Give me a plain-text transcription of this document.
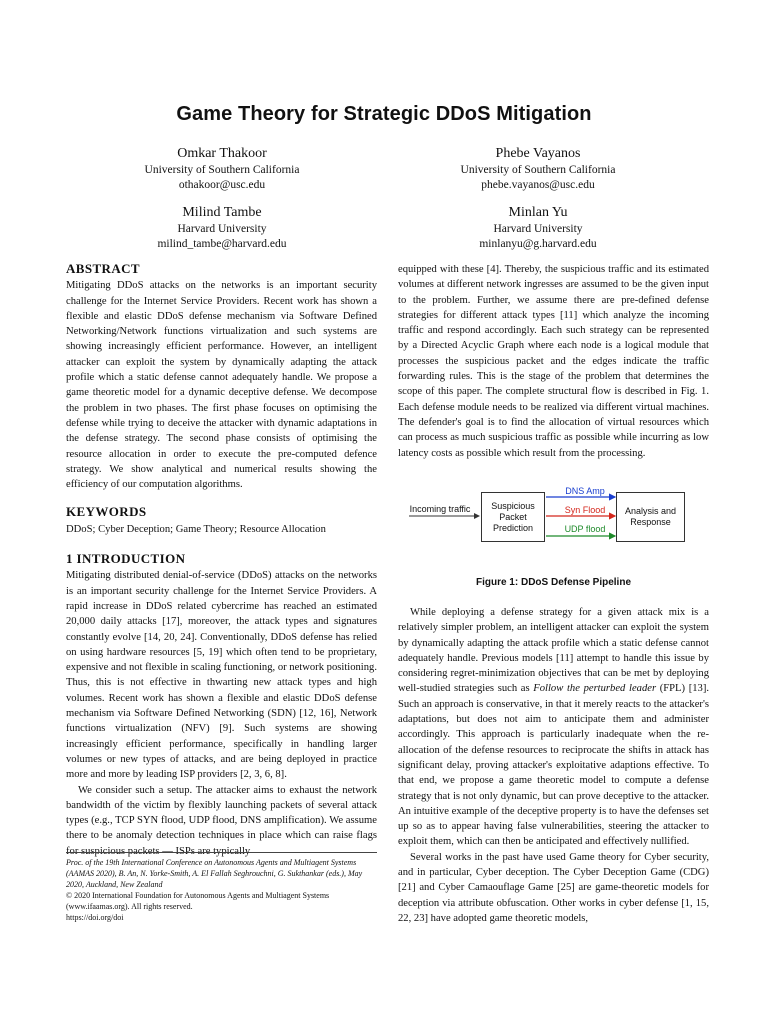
Game Theory for Strategic DDoS Mitigation
Omkar Thakoor
University of Southern California
othakoor@usc.edu
Phebe Vayanos
University of Southern California
phebe.vayanos@usc.edu
Milind Tambe
Harvard University
milind_tambe@harvard.edu
Minlan Yu
Harvard University
minlanyu@g.harvard.edu
ABSTRACT

Mitigating DDoS attacks on the networks is an important security challenge for the Internet Service Providers. Recent work has shown a flexible and elastic DDoS defense mechanism via Software Defined Networking/Network functions virtualization and such systems are showing increasingly efficient performance. However, an intelligent attacker can exploit the system by dynamically adapting the attack profile which a static defense cannot adequately handle. We propose a game theoretic model for a dynamic deceptive defense. We decompose the problem in two phases. The first phase focuses on optimising the defense while trying to deceive the attacker with dynamic adaptations in the defense strategy. The second phase consists of optimising the resource allocation in order to execute the pre-computed defence strategy. We show analytical and numerical results showing the efficiency of our computation algorithms.

KEYWORDS

DDoS; Cyber Deception; Game Theory; Resource Allocation

1 INTRODUCTION

Mitigating distributed denial-of-service (DDoS) attacks on the networks is an important security challenge for the Internet Service Providers. A rapid increase in DDoS related cybercrime has reached an estimated 20,000 daily attacks [17], moreover, the attack types and signatures constantly evolve [14, 20, 24]. Conventionally, DDoS defense has relied on using hardware resources [5, 19] which often tend to be proprietary, expensive and not flexible in scaling functioning, or network positioning. Thus, this is not effective in thwarting new attack types and high volumes. Recent work has shown a flexible and elastic DDoS defense mechanism via Software Defined Networking (SDN) [12, 16], Network functions virtualization (NFV) [9]. Such systems are showing increasingly efficient performance, specifically in handling larger volumes or new types of attacks, and are being deployed in practice more and more by leading ISP providers [2, 3, 6, 8].

We consider such a setup. The attacker aims to exhaust the network bandwidth of the victim by flexibly launching packets of several attack types (e.g., TCP SYN flood, UDP flood, DNS amplification). We assume there to be anomaly detection techniques in place which can raise flags for suspicious packets — ISPs are typically

Proc. of the 19th International Conference on Autonomous Agents and Multiagent Systems (AAMAS 2020), B. An, N. Yorke-Smith, A. El Fallah Seghrouchni, G. Sukthankar (eds.), May 2020, Auckland, New Zealand
© 2020 International Foundation for Autonomous Agents and Multiagent Systems (www.ifaamas.org). All rights reserved.
https://doi.org/doi

equipped with these [4]. Thereby, the suspicious traffic and its estimated volumes at different network ingresses are assumed to be the given input to the problem. Further, we assume there are pre-defined defense strategies for different attack types [11] which analyze the incoming traffic and respond accordingly. Each such strategy can be represented by a Directed Acyclic Graph where each node is a logical module that processes the suspicious packet and the edges indicate the traffic forwarding rules. This is the stage of the problem that determines the scope of this paper. The complete structural flow is described in Fig. 1. Each defense module needs to be realized via different virtual machines. The defender's goal is to find the allocation of virtual resources which can process as much suspicious traffic as possible while incurring as low latency costs as possible which result from the processing.

Incoming traffic	Suspicious Packet Prediction
Analysis and Response
DNS Amp
Syn Flood
UDP flood
Figure 1: DDoS Defense Pipeline

While deploying a defense strategy for a given attack mix is a relatively simpler problem, an intelligent attacker can exploit the system by dynamically adapting the attack profile which a static defense cannot adequately handle. Previous models [11] attempt to handle this issue by considering regret-minimization objectives that can be met by deploying well-studied strategies such as Follow the perturbed leader (FPL) [13]. Such an approach is conservative, in that it merely reacts to the attacker's adaptations, but does not aim to anticipate them and administer accordingly. This approach is particularly inadequate when the re-allocation of the defense resources to reciprocate the shifts in attack has significant delay, proving attacker's exploitative adaptions effective. To that end, we propose a game theoretic model to compute a defense strategy that is not only dynamic, but can prove deceptive to the attacker. An intuitive example of the deceptive property is to have the defenses set up so as to appear having false vulnerabilities, steering the attacker to exploit them, which can then be anticipated and effectively nullified.

Several works in the past have used Game theory for Cyber security, and in particular, Cyber deception. The Cyber Deception Game (CDG) [21] and Cyber Camaouflage Game [25] are game-theoretic models for deception via attribute obfuscation. Other works in cyber defense [1, 15, 22, 23] have adopted game theoretic models,
